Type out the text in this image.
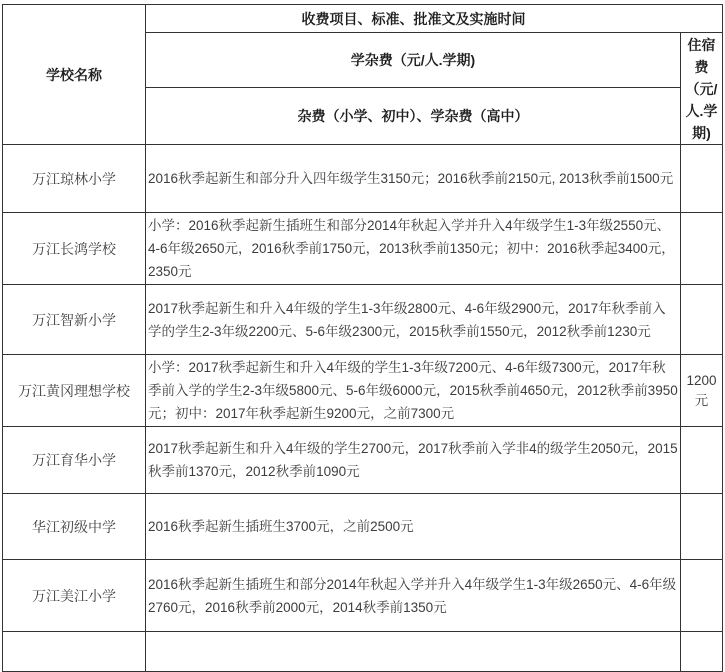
学校名称	收费项目、标准、批准文及实施时间	
	学杂费（元/人.学期)	住宿费（元/人.学期)
	杂费（小学、初中）、学杂费（高中）	
万江琼林小学	2016秋季起新生和部分升入四年级学生3150元；2016秋季前2150元, 2013秋季前1500元	
万江长鸿学校	小学：2016秋季起新生插班生和部分2014年秋起入学并升入4年级学生1-3年级2550元、4-6年级2650元，2016秋季前1750元，2013秋季前1350元；初中：2016秋季起3400元，2350元	
万江智新小学	2017秋季起新生和升入4年级的学生1-3年级2800元、4-6年级2900元，2017年秋季前入学的学生2-3年级2200元、5-6年级2300元，2015秋季前1550元，2012秋季前1230元	
万江黄冈理想学校	小学：2017秋季起新生和升入4年级的学生1-3年级7200元、4-6年级7300元，2017年秋季前入学的学生2-3年级5800元、5-6年级6000元，2015秋季前4650元，2012秋季前3950元；初中：2017年秋季起新生9200元，之前7300元	1200元
万江育华小学	2017秋季起新生和升入4年级的学生2700元，2017秋季前入学非4的级学生2050元，2015秋季前1370元，2012秋季前1090元	
华江初级中学	2016秋季起新生插班生3700元，之前2500元	
万江美江小学	2016秋季起新生插班生和部分2014年秋起入学并升入4年级学生1-3年级2650元、4-6年级2760元，2016秋季前2000元，2014秋季前1350元	
